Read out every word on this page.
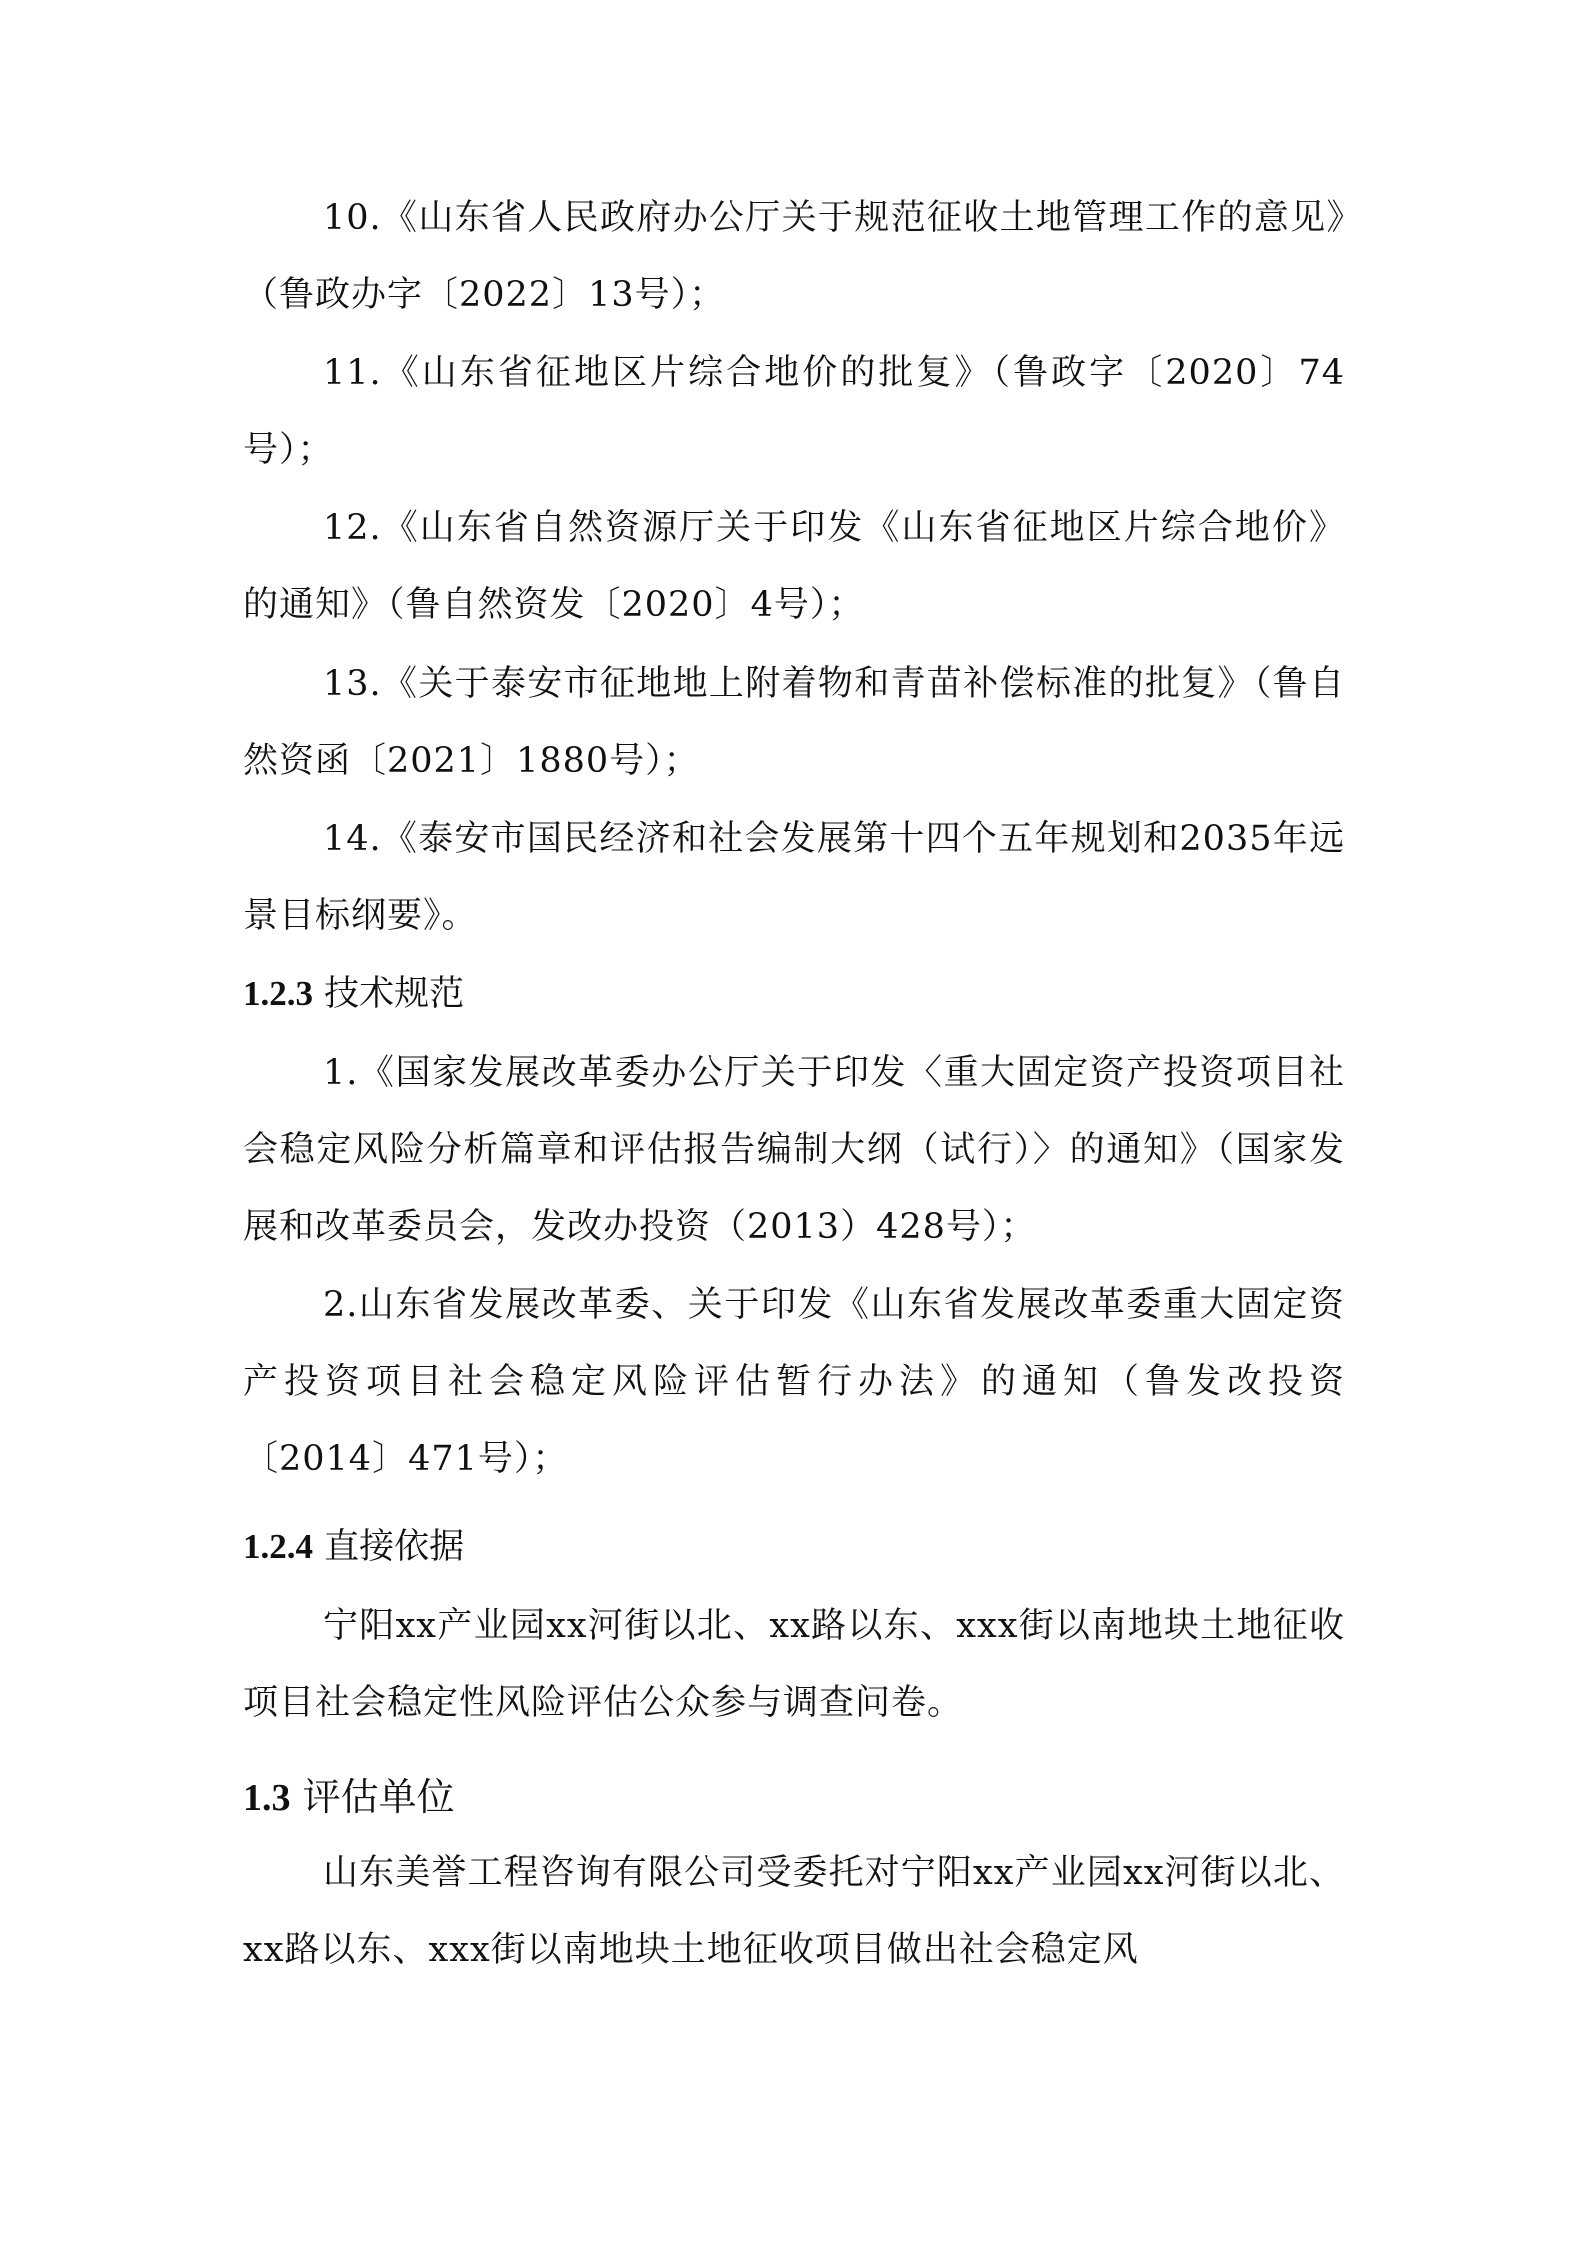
10.《山东省人民政府办公厅关于规范征收土地管理工作的意见》（鲁政办字〔2022〕13号）；

11.《山东省征地区片综合地价的批复》（鲁政字〔2020〕74号）；

12.《山东省自然资源厅关于印发《山东省征地区片综合地价》的通知》（鲁自然资发〔2020〕4号）；

13.《关于泰安市征地地上附着物和青苗补偿标准的批复》（鲁自然资函〔2021〕1880号）；

14.《泰安市国民经济和社会发展第十四个五年规划和2035年远景目标纲要》。

1.2.3 技术规范

1.《国家发展改革委办公厅关于印发〈重大固定资产投资项目社会稳定风险分析篇章和评估报告编制大纲（试行）〉的通知》（国家发展和改革委员会，发改办投资（2013）428号）；

2.山东省发展改革委、关于印发《山东省发展改革委重大固定资产投资项目社会稳定风险评估暂行办法》的通知（鲁发改投资〔2014〕471号）；

1.2.4 直接依据

宁阳xx产业园xx河街以北、xx路以东、xxx街以南地块土地征收项目社会稳定性风险评估公众参与调查问卷。

1.3 评估单位

山东美誉工程咨询有限公司受委托对宁阳xx产业园xx河街以北、xx路以东、xxx街以南地块土地征收项目做出社会稳定风
